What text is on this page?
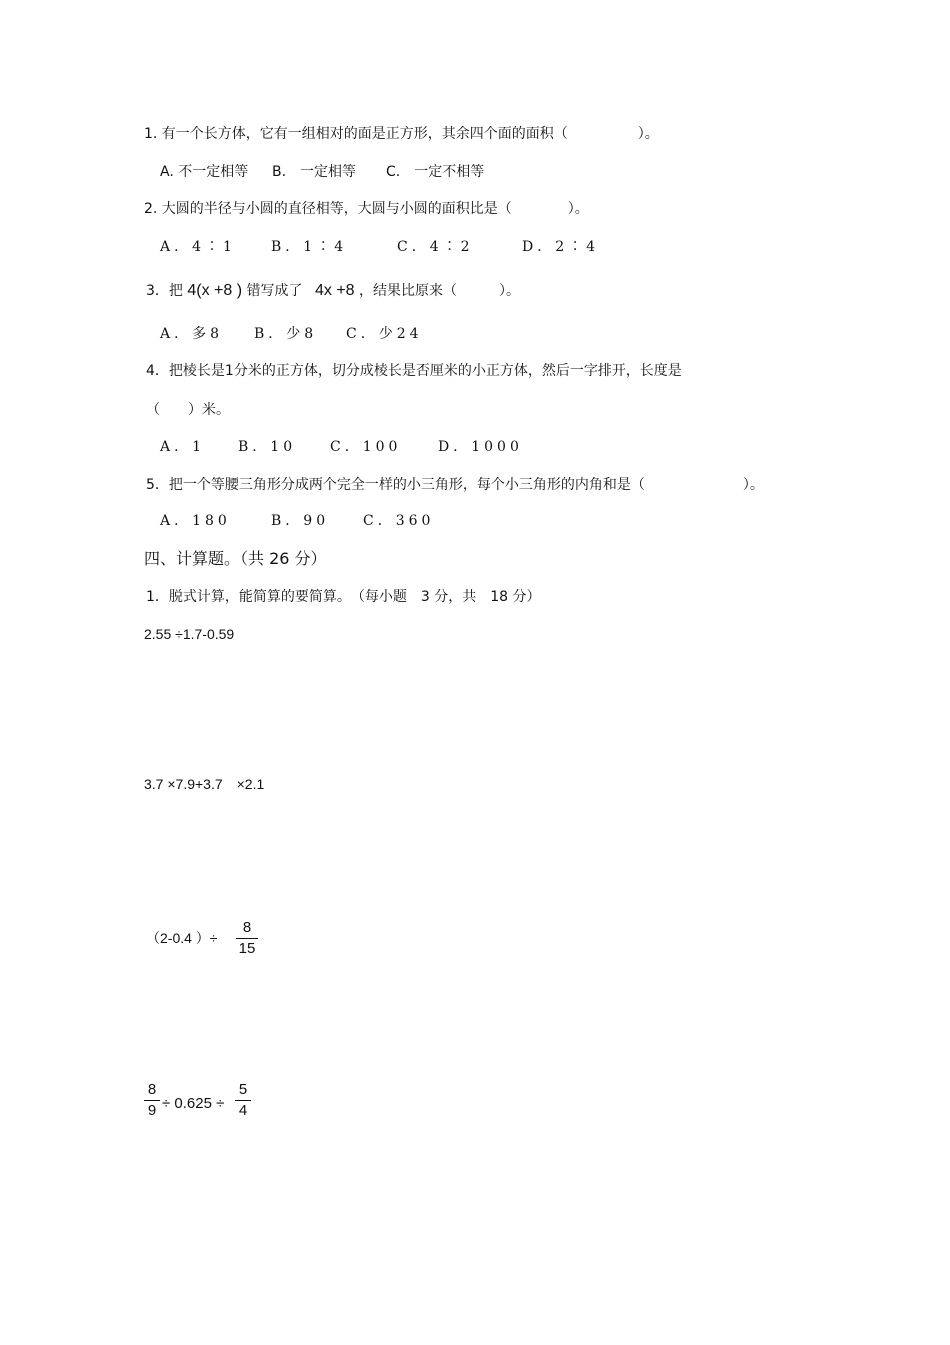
1. 有一个长方体，它有一组相对的面是正方形，其余四个面的面积（　　　　　）。
A. 不一定相等 B.　一定相等 C.　一定不相等
2. 大圆的半径与小圆的直径相等，大圆与小圆的面积比是（　　　　）。
A．4∶1	B．1∶4	C．4∶2	D．2∶4
3．把 4(x +8 ) 错写成了 4x +8 ，结果比原来（　　　）。
A．多8 B．少8 C．少24
4．把棱长是1分米的正方体，切分成棱长是否厘米的小正方体，然后一字排开，长度是
（　　）米。
A．1 B．10 C．100	D．1000
5．把一个等腰三角形分成两个完全一样的小三角形，每个小三角形的内角和是（　　　　　　　）。
A．180	B．90 C．360
四、计算题。（共 26 分）
1．脱式计算，能简算的要简算。　（每小题　3 分，共　18 分）
2.55 ÷1.7-0.59
3.7 ×7.9+3.7　×2.1
（2-0.4 ）÷
8
15
8
9 ÷ 0.625 ÷
5
4
